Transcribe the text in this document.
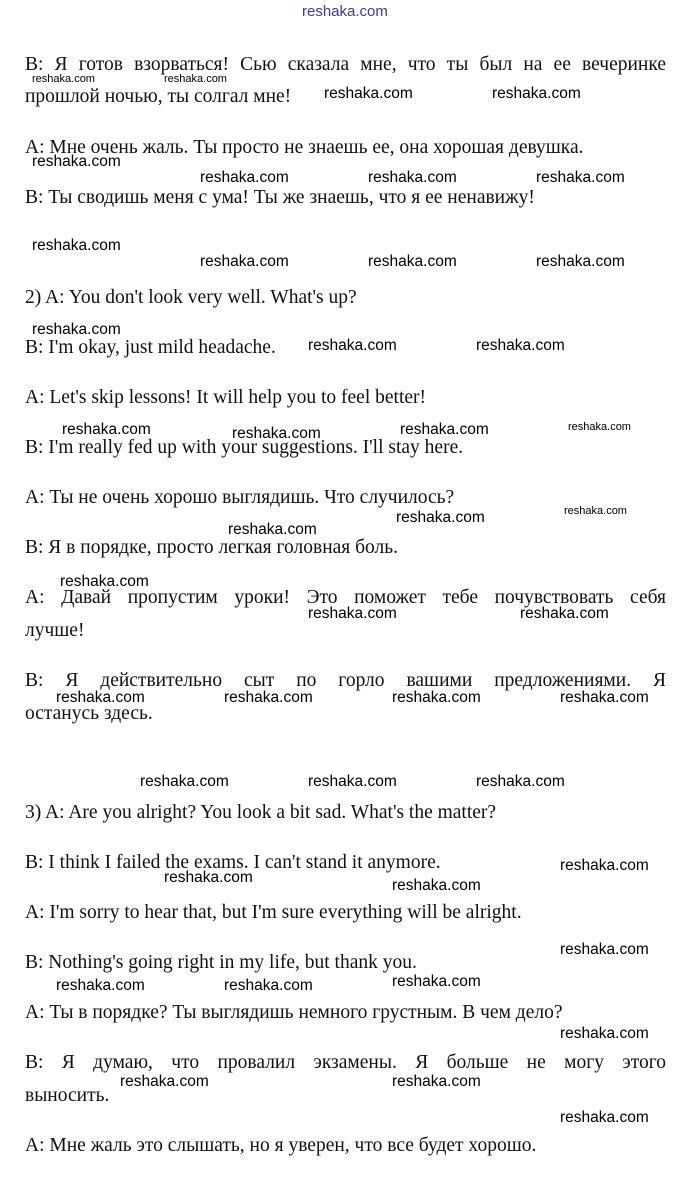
reshaka.com
reshaka.com	reshaka.com
reshaka.com	reshaka.com
reshaka.com
reshaka.com	reshaka.com	reshaka.com
reshaka.com
reshaka.com	reshaka.com	reshaka.com
reshaka.com
reshaka.com	reshaka.com
reshaka.com	reshaka.com	reshaka.com	reshaka.com
reshaka.com	reshaka.com
reshaka.com
reshaka.com
reshaka.com	reshaka.com
reshaka.com	reshaka.com	reshaka.com	reshaka.com
reshaka.com	reshaka.com	reshaka.com
reshaka.com
reshaka.com	reshaka.com
reshaka.com
reshaka.com	reshaka.com	reshaka.com
reshaka.com
reshaka.com	reshaka.com
reshaka.com
В: Я готов взорваться! Сью сказала мне, что ты был на ее вечеринке
прошлой ночью, ты солгал мне!
А: Мне очень жаль. Ты просто не знаешь ее, она хорошая девушка.
В: Ты сводишь меня с ума! Ты же знаешь, что я ее ненавижу!
2) A: You don't look very well. What's up?
B: I'm okay, just mild headache.
A: Let's skip lessons! It will help you to feel better!
B: I'm really fed up with your suggestions. I'll stay here.
А: Ты не очень хорошо выглядишь. Что случилось?
В: Я в порядке, просто легкая головная боль.
А: Давай пропустим уроки! Это поможет тебе почувствовать себя
лучше!
В: Я действительно сыт по горло вашими предложениями. Я
останусь здесь.
3) A: Are you alright? You look a bit sad. What's the matter?
B: I think I failed the exams. I can't stand it anymore.
A: I'm sorry to hear that, but I'm sure everything will be alright.
B: Nothing's going right in my life, but thank you.
А: Ты в порядке? Ты выглядишь немного грустным. В чем дело?
В: Я думаю, что провалил экзамены. Я больше не могу этого
выносить.
А: Мне жаль это слышать, но я уверен, что все будет хорошо.
